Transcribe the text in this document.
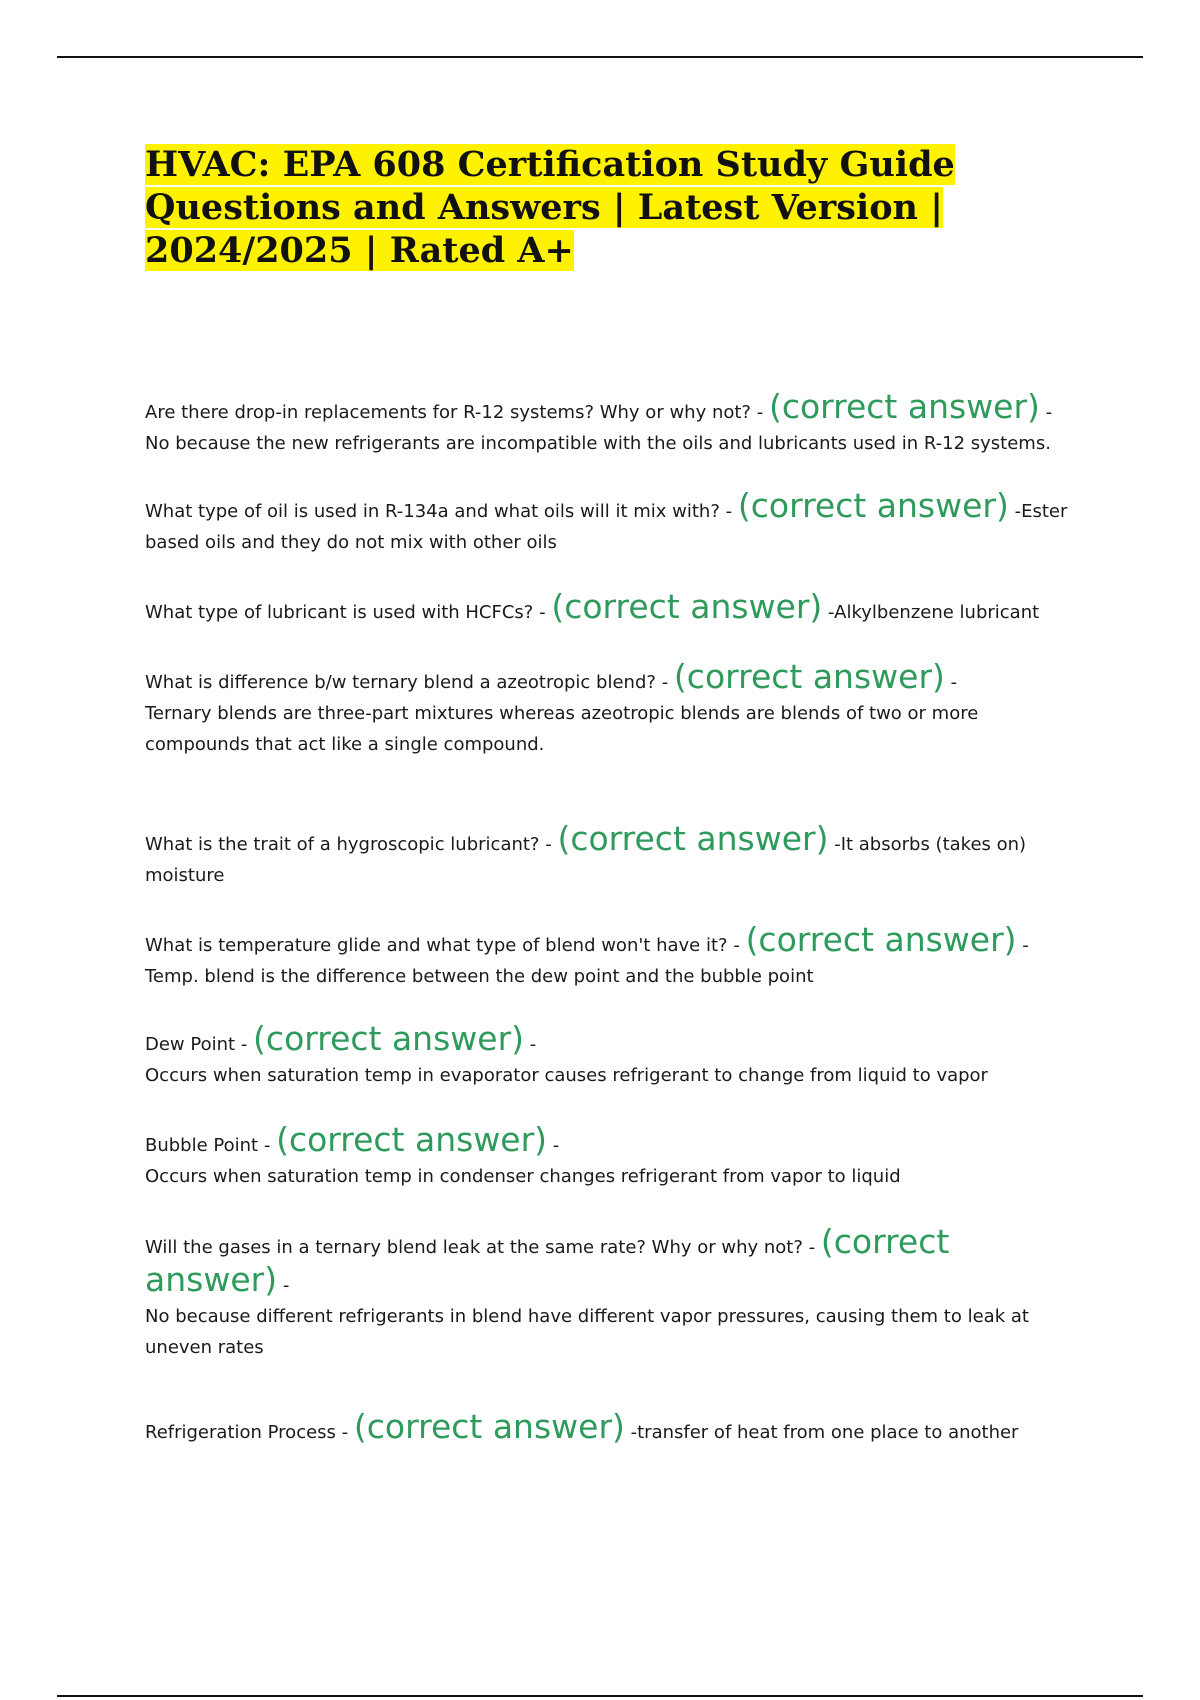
HVAC: EPA 608 Certification Study Guide Questions and Answers | Latest Version | 2024/2025 | Rated A+
Are there drop-in replacements for R-12 systems? Why or why not? - (correct answer) -
No because the new refrigerants are incompatible with the oils and lubricants used in R-12 systems.
What type of oil is used in R-134a and what oils will it mix with? - (correct answer) -Ester based oils and they do not mix with other oils
What type of lubricant is used with HCFCs? - (correct answer) -Alkylbenzene lubricant
What is difference b/w ternary blend a azeotropic blend? - (correct answer) -
Ternary blends are three-part mixtures whereas azeotropic blends are blends of two or more compounds that act like a single compound.
What is the trait of a hygroscopic lubricant? - (correct answer) -It absorbs (takes on) moisture
What is temperature glide and what type of blend won't have it? - (correct answer) -
Temp. blend is the difference between the dew point and the bubble point
Dew Point - (correct answer) -
Occurs when saturation temp in evaporator causes refrigerant to change from liquid to vapor
Bubble Point - (correct answer) -
Occurs when saturation temp in condenser changes refrigerant from vapor to liquid
Will the gases in a ternary blend leak at the same rate? Why or why not? - (correct answer) -
No because different refrigerants in blend have different vapor pressures, causing them to leak at uneven rates
Refrigeration Process - (correct answer) -transfer of heat from one place to another
